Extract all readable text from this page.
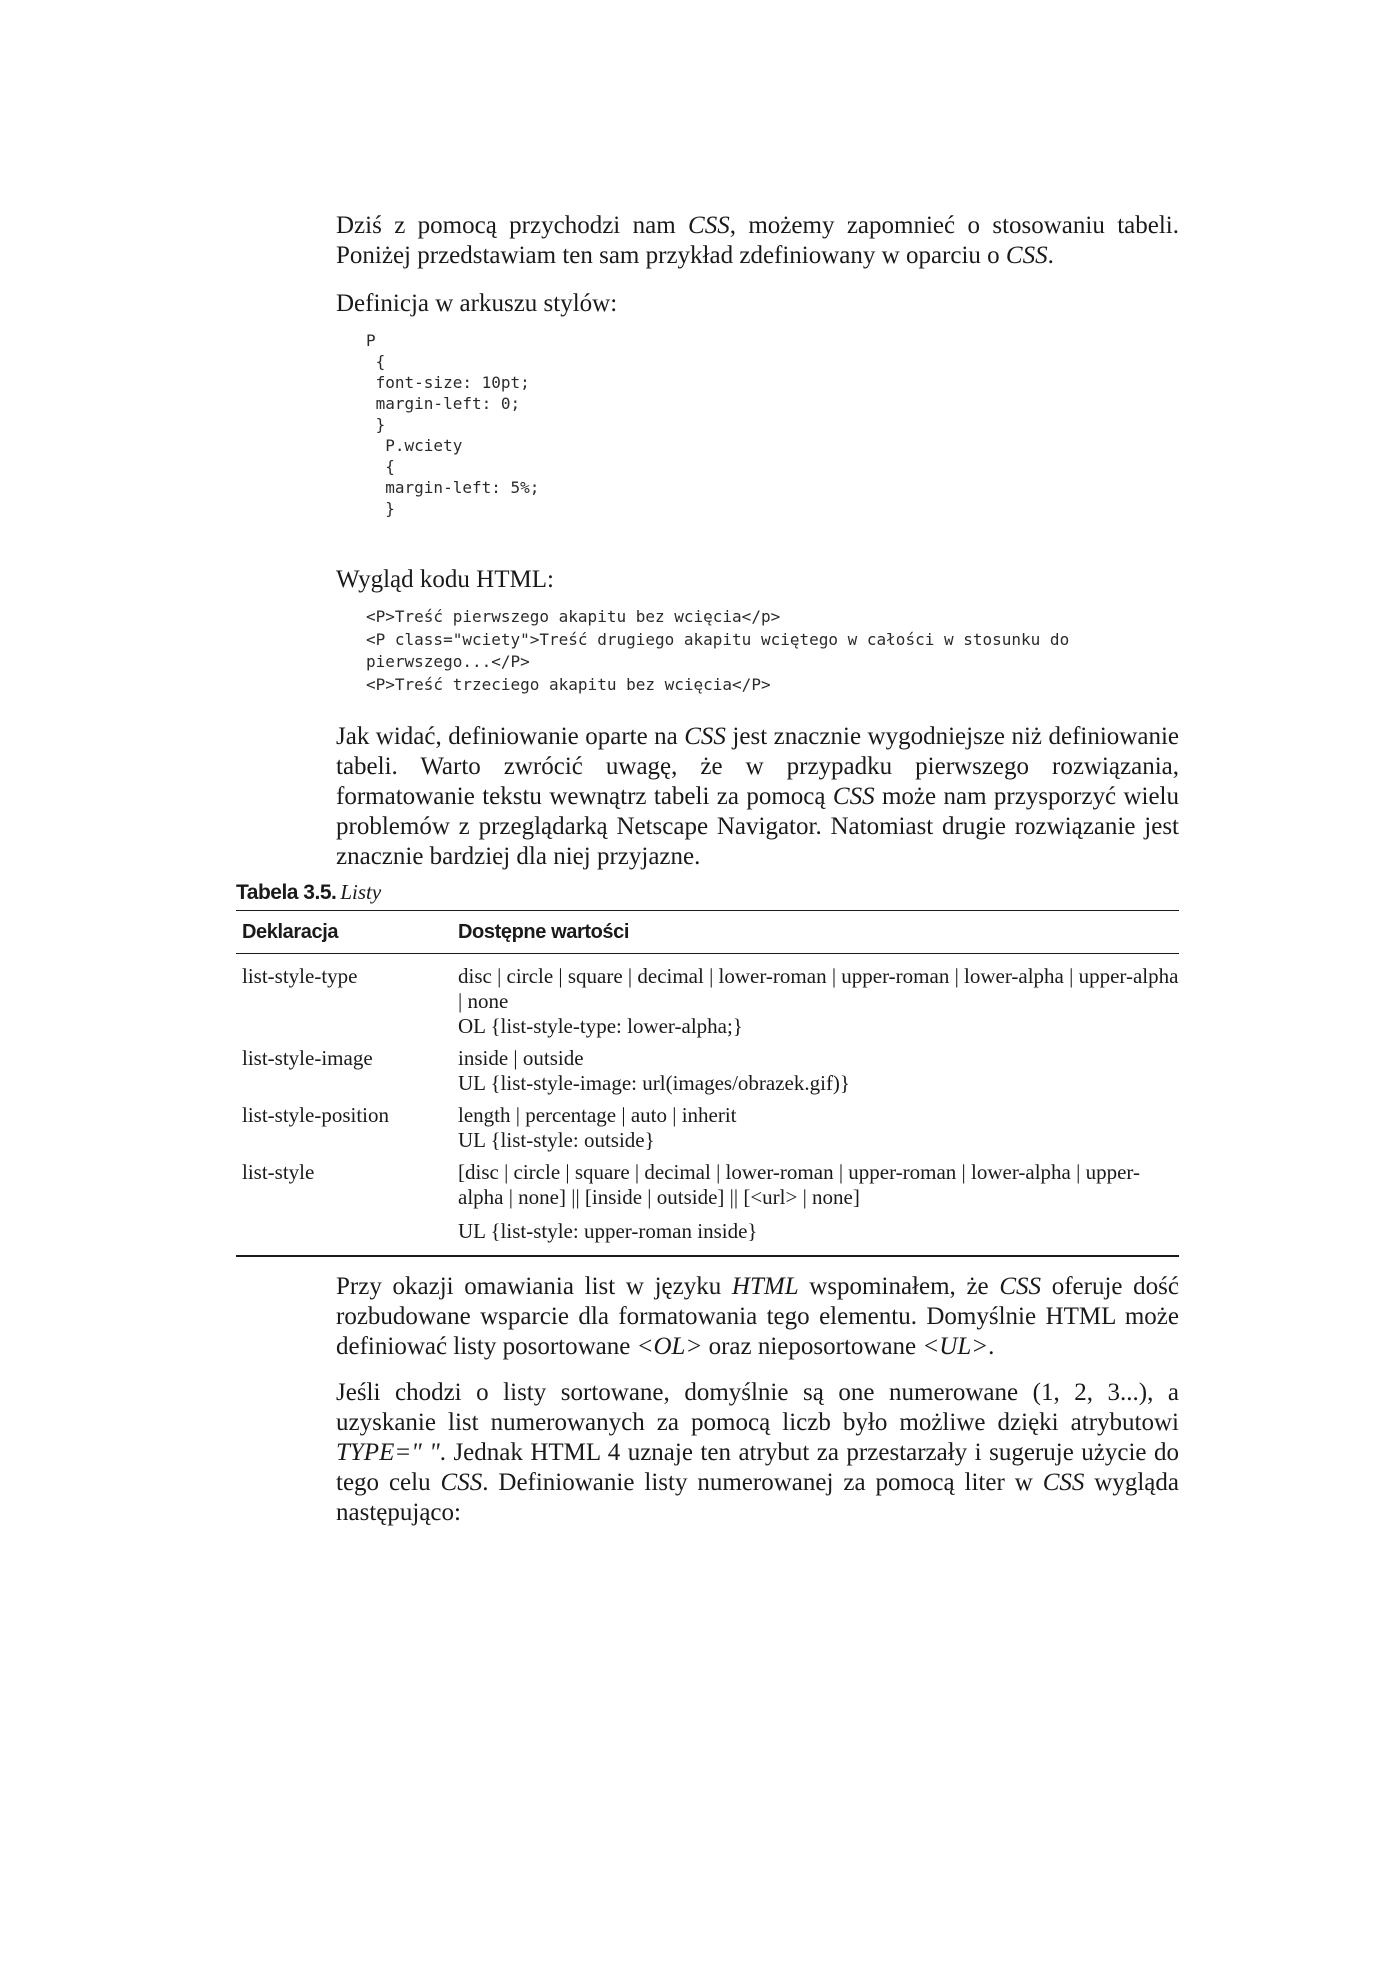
Dziś z pomocą przychodzi nam CSS, możemy zapomnieć o stosowaniu tabeli. Poniżej przedstawiam ten sam przykład zdefiniowany w oparciu o CSS.

Definicja w arkuszu stylów:

P
{
font-size: 10pt;
margin-left: 0;
}
P.wciety
{
margin-left: 5%;
}

Wygląd kodu HTML:

<P>Treść pierwszego akapitu bez wcięcia</p>
<P class="wciety">Treść drugiego akapitu wciętego w całości w stosunku do
pierwszego...</P>
<P>Treść trzeciego akapitu bez wcięcia</P>

Jak widać, definiowanie oparte na CSS jest znacznie wygodniejsze niż definiowanie tabeli. Warto zwrócić uwagę, że w przypadku pierwszego rozwiązania, formatowanie tekstu wewnątrz tabeli za pomocą CSS może nam przysporzyć wielu problemów z przeglądarką Netscape Navigator. Natomiast drugie rozwiązanie jest znacznie bardziej dla niej przyjazne.

Tabela 3.5. Listy
Deklaracja	Dostępne wartości
list-style-type	disc | circle | square | decimal | lower-roman | upper-roman | lower-alpha | upper-alpha | none
OL {list-style-type: lower-alpha;}
list-style-image	inside | outside
UL {list-style-image: url(images/obrazek.gif)}
list-style-position	length | percentage | auto | inherit
UL {list-style: outside}
list-style	[disc | circle | square | decimal | lower-roman | upper-roman | lower-alpha | upper-alpha | none] || [inside | outside] || [<url> | none]
UL {list-style: upper-roman inside}

Przy okazji omawiania list w języku HTML wspominałem, że CSS oferuje dość rozbudowane wsparcie dla formatowania tego elementu. Domyślnie HTML może definiować listy posortowane <OL> oraz nieposortowane <UL>.

Jeśli chodzi o listy sortowane, domyślnie są one numerowane (1, 2, 3...), a uzyskanie list numerowanych za pomocą liczb było możliwe dzięki atrybutowi TYPE=" ". Jednak HTML 4 uznaje ten atrybut za przestarzały i sugeruje użycie do tego celu CSS. Definiowanie listy numerowanej za pomocą liter w CSS wygląda następująco:
